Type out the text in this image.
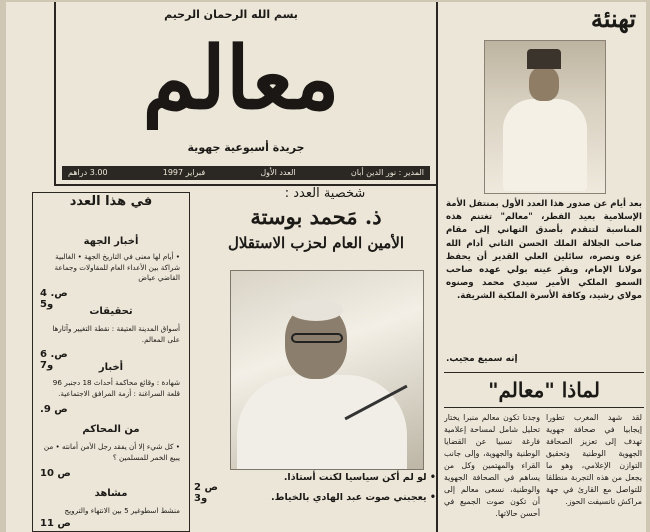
بسم الله الرحمان الرحيم
معالم
جريدة أسبوعية جهوية
المدير : نور الدين أبان
العدد الأول
فبراير 1997
3.00 دراهم
تهنئة
بعد أيام عن صدور هذا العدد الأول بمنتفل الأمة الإسلامية بعيد الفطر، "معالم" تغتنم هذه المناسبة لتتقدم بأصدق التهاني إلى مقام صاحب الجلالة الملك الحسن الثاني أدام الله عزه ونصره، سائلين العلي القدير أن يحفظ مولانا الإمام، ويقر عينه بولي عهده صاحب السمو الملكي الأمير سيدي محمد وصنوه مولاي رشيد، وكافة الأسرة الملكية الشريفة.
إنه سميع مجيب.
شخصية العدد :
ذ. مَحمد بوستة
الأمين العام لحزب الاستقلال
• لو لم أكن سياسيا لكنت أستاذا.
• يعجبني صوت عبد الهادي بالخياط.
ص 2 و3
في هذا العدد
أخبار الجهة
• أيام لها معنى في التاريخ الجهة • الغالبية شراكة بين الأعداء العام للمقاولات وجماعة القاضي عياض
ص. 4 و5
تحقيقات
أسواق المدينة العتيقة : نقطة التغيير وآثارها على المعالم.
ص. 6 و7	أخبار
شهادة : وقائع محاكمة أحداث 18 دجنبر 96 قلعة السراغنة : أزمة المرافق الاجتماعية.
ص 9.
من المحاكم
• كل شيء إلا أن يفقد رجل الأمن أمانته • من يبيع الخمر للمسلمين ؟
ص 10
مشاهد
منشط اسطوغير 5 بين الانتهاء والترويج
ص 11
لماذا "معالم"
لقد شهد المغرب تطورا إيجابيا في صحافة جهوية تهدف إلى تعزيز الصحافة الجهوية الوطنية وتحقيق التوازن الإعلامي، وهو ما يجعل من هذه التجربة منطلقا للتواصل مع القارئ في جهة مراكش تانسيفت الحوز.
وجدنا تكون معالم منبرا يختار تحليل شامل لمساحة إعلامية فارغة نسبيا عن القضايا الوطنية والجهوية، وإلى جانب القراء والمهتمين وكل من يساهم في الصحافة الجهوية والوطنية، نسعى معالم إلى أن تكون صوت الجميع في أحسن حالاتها.
